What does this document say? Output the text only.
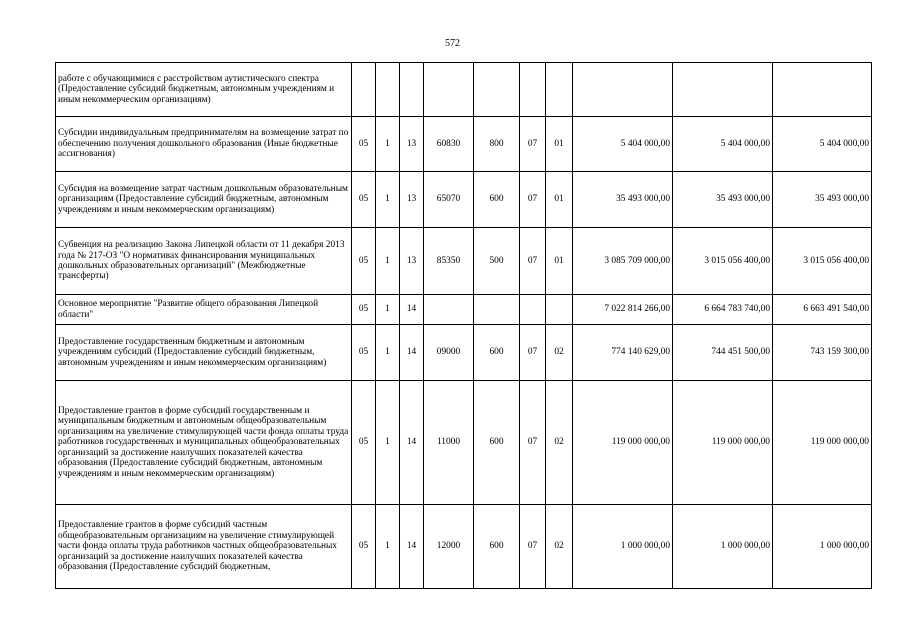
572
работе с обучающимися с расстройством аутистического спектра (Предоставление субсидий бюджетным, автономным учреждениям и иным некоммерческим организациям)										
Субсидии индивидуальным предпринимателям на возмещение затрат по обеспечению получения дошкольного образования (Иные бюджетные ассигнования)	05	1	13	60830	800	07	01	5 404 000,00	5 404 000,00	5 404 000,00
Субсидия на возмещение затрат частным дошкольным образовательным организациям (Предоставление субсидий бюджетным, автономным учреждениям и иным некоммерческим организациям)	05	1	13	65070	600	07	01	35 493 000,00	35 493 000,00	35 493 000,00
Субвенция на реализацию Закона Липецкой области от 11 декабря 2013 года № 217-ОЗ "О нормативах финансирования муниципальных дошкольных образовательных организаций" (Межбюджетные трансферты)	05	1	13	85350	500	07	01	3 085 709 000,00	3 015 056 400,00	3 015 056 400,00
Основное мероприятие "Развитие общего образования Липецкой области"	05	1	14					7 022 814 266,00	6 664 783 740,00	6 663 491 540,00
Предоставление государственным бюджетным и автономным учреждениям субсидий (Предоставление субсидий бюджетным, автономным учреждениям и иным некоммерческим организациям)	05	1	14	09000	600	07	02	774 140 629,00	744 451 500,00	743 159 300,00
Предоставление грантов в форме субсидий государственным и муниципальным бюджетным и автономным общеобразовательным организациям на увеличение стимулирующей части фонда оплаты труда работников государственных и муниципальных общеобразовательных организаций за достижение наилучших показателей качества образования (Предоставление субсидий бюджетным, автономным учреждениям и иным некоммерческим организациям)	05	1	14	11000	600	07	02	119 000 000,00	119 000 000,00	119 000 000,00
Предоставление грантов в форме субсидий частным общеобразовательным организациям на увеличение стимулирующей части фонда оплаты труда работников частных общеобразовательных организаций за достижение наилучших показателей качества образования (Предоставление субсидий бюджетным,	05	1	14	12000	600	07	02	1 000 000,00	1 000 000,00	1 000 000,00
